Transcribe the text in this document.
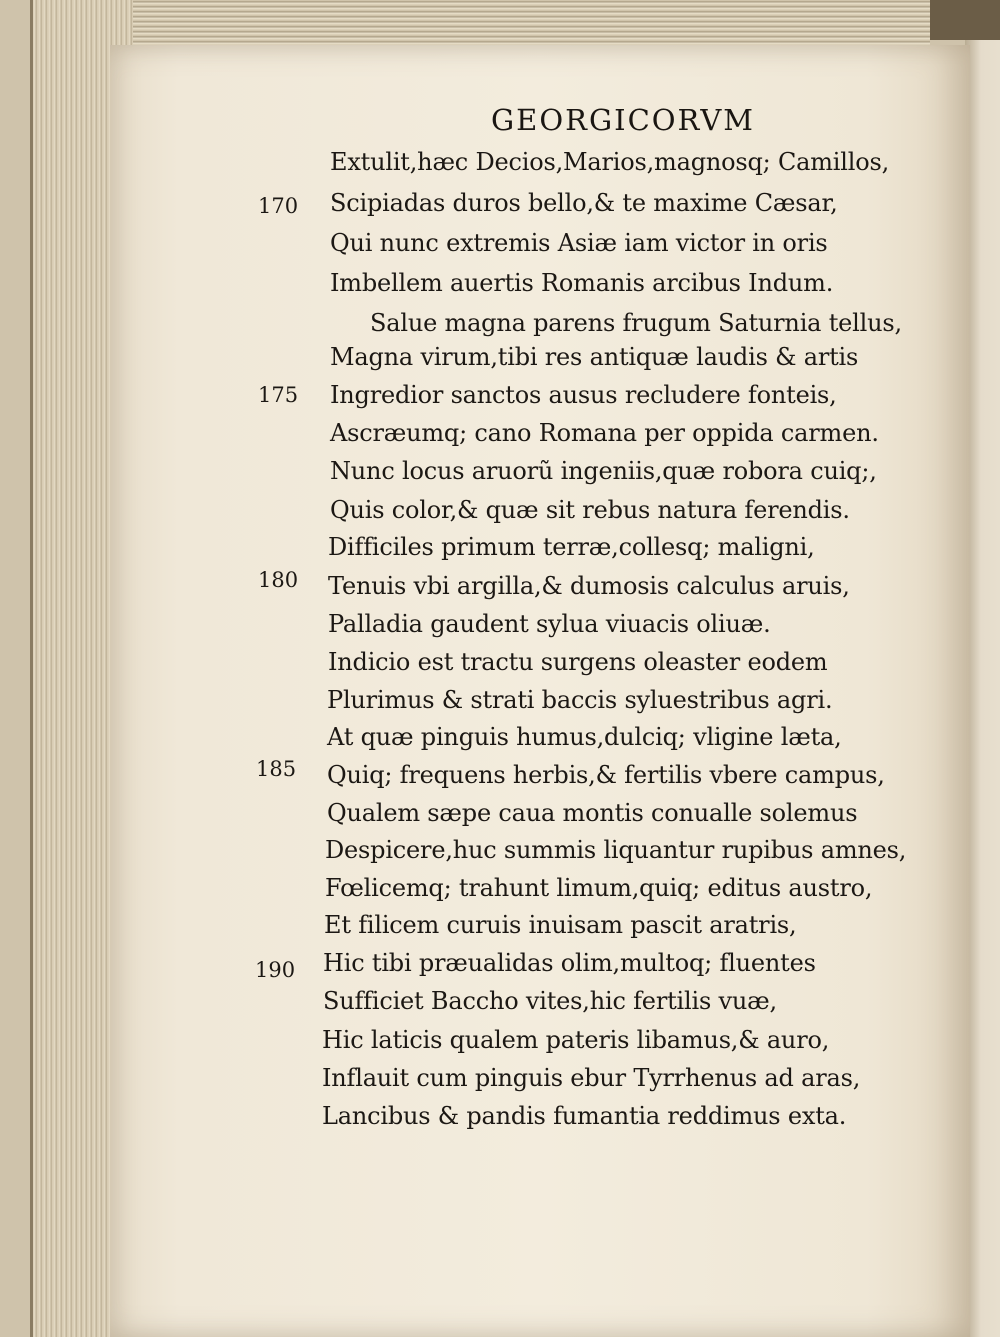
GEORGICORVM
Extulit,hæc Decios,Marios,magnosq; Camillos,
Scipiadas duros bello,& te maxime Cæsar,
Qui nunc extremis Asiæ iam victor in oris
Imbellem auertis Romanis arcibus Indum.
Salue magna parens frugum Saturnia tellus,
Magna virum,tibi res antiquæ laudis & artis
Ingredior sanctos ausus recludere fonteis,
Ascræumq; cano Romana per oppida carmen.
Nunc locus aruorũ ingeniis,quæ robora cuiq;,
Quis color,& quæ sit rebus natura ferendis.
Difficiles primum terræ,collesq; maligni,
Tenuis vbi argilla,& dumosis calculus aruis,
Palladia gaudent sylua viuacis oliuæ.
Indicio est tractu surgens oleaster eodem
Plurimus & strati baccis syluestribus agri.
At quæ pinguis humus,dulciq; vligine læta,
Quiq; frequens herbis,& fertilis vbere campus,
Qualem sæpe caua montis conualle solemus
Despicere,huc summis liquantur rupibus amnes,
Fœlicemq; trahunt limum,quiq; editus austro,
Et filicem curuis inuisam pascit aratris,
Hic tibi præualidas olim,multoq; fluentes
Sufficiet Baccho vites,hic fertilis vuæ,
Hic laticis qualem pateris libamus,& auro,
Inflauit cum pinguis ebur Tyrrhenus ad aras,
Lancibus & pandis fumantia reddimus exta.
170
175
180
185
190
